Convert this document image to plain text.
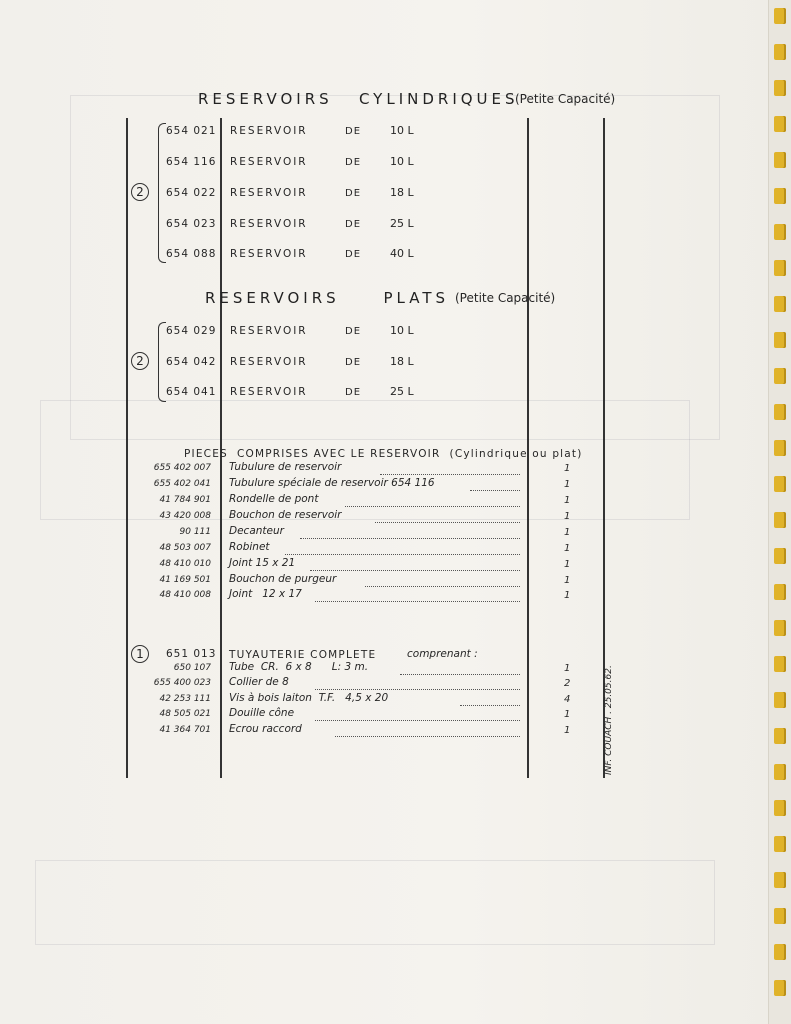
RESERVOIRS   CYLINDRIQUES
(Petite Capacité)
2
654 021 RESERVOIR	DE	10 L
654 116 RESERVOIR	DE	10 L
654 022 RESERVOIR	DE	18 L
654 023 RESERVOIR	DE	25 L
654 088 RESERVOIR	DE	40 L
RESERVOIRS     PLATS (Petite Capacité)
2
654 029 RESERVOIR	DE	10 L
654 042 RESERVOIR	DE	18 L
654 041 RESERVOIR	DE	25 L
PIECES  COMPRISES AVEC LE RESERVOIR  (Cylindrique ou plat)
655 402 007 Tubulure de reservoir	1
655 402 041 Tubulure spéciale de reservoir 654 116	1
41 784 901 Rondelle de pont	1
43 420 008 Bouchon de reservoir	1
90 111 Decanteur	1
48 503 007 Robinet	1
48 410 010 Joint 15 x 21	1
41 169 501 Bouchon de purgeur	1
48 410 008 Joint   12 x 17	1
1	651 013 TUYAUTERIE COMPLETE	comprenant :
650 107 Tube  CR.  6 x 8      L: 3 m.	1
655 400 023 Collier de 8	2
42 253 111 Vis à bois laiton  T.F.   4,5 x 20	4
48 505 021 Douille cône	1
41 364 701 Ecrou raccord	1	INF. COUACH . 25.05.62.
